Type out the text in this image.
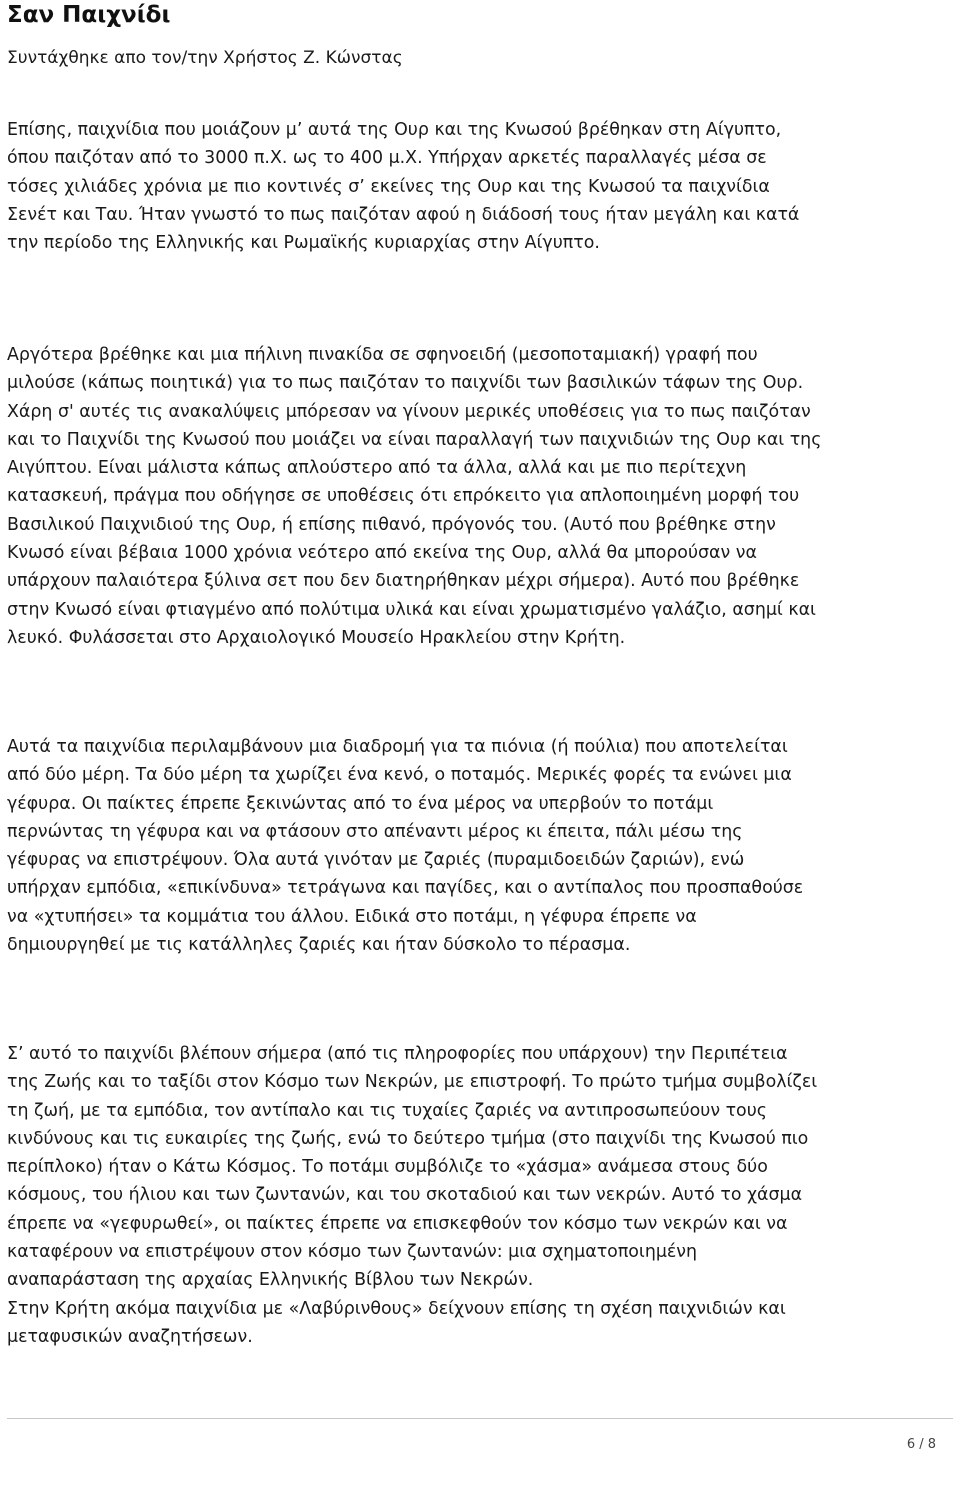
Σαν Παιχνίδι
Συντάχθηκε απο τον/την Χρήστος Ζ. Κώνστας

Επίσης, παιχνίδια που μοιάζουν μ’ αυτά της Ουρ και της Κνωσού βρέθηκαν στη Αίγυπτο,
όπου παιζόταν από το 3000 π.Χ. ως το 400 μ.Χ. Υπήρχαν αρκετές παραλλαγές μέσα σε
τόσες χιλιάδες χρόνια με πιο κοντινές σ’ εκείνες της Ουρ και της Κνωσού τα παιχνίδια
Σενέτ και Ταυ. Ήταν γνωστό το πως παιζόταν αφού η διάδοσή τους ήταν μεγάλη και κατά
την περίοδο της Ελληνικής και Ρωμαϊκής κυριαρχίας στην Αίγυπτο.

Αργότερα βρέθηκε και μια πήλινη πινακίδα σε σφηνοειδή (μεσοποταμιακή) γραφή που
μιλούσε (κάπως ποιητικά) για το πως παιζόταν το παιχνίδι των βασιλικών τάφων της Ουρ.
Χάρη σ' αυτές τις ανακαλύψεις μπόρεσαν να γίνουν μερικές υποθέσεις για το πως παιζόταν
και το Παιχνίδι της Κνωσού που μοιάζει να είναι παραλλαγή των παιχνιδιών της Ουρ και της
Αιγύπτου. Είναι μάλιστα κάπως απλούστερο από τα άλλα, αλλά και με πιο περίτεχνη
κατασκευή, πράγμα που οδήγησε σε υποθέσεις ότι επρόκειτο για απλοποιημένη μορφή του
Βασιλικού Παιχνιδιού της Ουρ, ή επίσης πιθανό, πρόγονός του. (Αυτό που βρέθηκε στην
Κνωσό είναι βέβαια 1000 χρόνια νεότερο από εκείνα της Ουρ, αλλά θα μπορούσαν να
υπάρχουν παλαιότερα ξύλινα σετ που δεν διατηρήθηκαν μέχρι σήμερα). Αυτό που βρέθηκε
στην Κνωσό είναι φτιαγμένο από πολύτιμα υλικά και είναι χρωματισμένο γαλάζιο, ασημί και
λευκό. Φυλάσσεται στο Αρχαιολογικό Μουσείο Ηρακλείου στην Κρήτη.

Αυτά τα παιχνίδια περιλαμβάνουν μια διαδρομή για τα πιόνια (ή πούλια) που αποτελείται
από δύο μέρη. Τα δύο μέρη τα χωρίζει ένα κενό, ο ποταμός. Μερικές φορές τα ενώνει μια
γέφυρα. Οι παίκτες έπρεπε ξεκινώντας από το ένα μέρος να υπερβούν το ποτάμι
περνώντας τη γέφυρα και να φτάσουν στο απέναντι μέρος κι έπειτα, πάλι μέσω της
γέφυρας να επιστρέψουν. Όλα αυτά γινόταν με ζαριές (πυραμιδοειδών ζαριών), ενώ
υπήρχαν εμπόδια, «επικίνδυνα» τετράγωνα και παγίδες, και ο αντίπαλος που προσπαθούσε
να «χτυπήσει» τα κομμάτια του άλλου. Ειδικά στο ποτάμι, η γέφυρα έπρεπε να
δημιουργηθεί με τις κατάλληλες ζαριές και ήταν δύσκολο το πέρασμα.

Σ’ αυτό το παιχνίδι βλέπουν σήμερα (από τις πληροφορίες που υπάρχουν) την Περιπέτεια
της Ζωής και το ταξίδι στον Κόσμο των Νεκρών, με επιστροφή. Το πρώτο τμήμα συμβολίζει
τη ζωή, με τα εμπόδια, τον αντίπαλο και τις τυχαίες ζαριές να αντιπροσωπεύουν τους
κινδύνους και τις ευκαιρίες της ζωής, ενώ το δεύτερο τμήμα (στο παιχνίδι της Κνωσού πιο
περίπλοκο) ήταν ο Κάτω Κόσμος. Το ποτάμι συμβόλιζε το «χάσμα» ανάμεσα στους δύο
κόσμους, του ήλιου και των ζωντανών, και του σκοταδιού και των νεκρών. Αυτό το χάσμα
έπρεπε να «γεφυρωθεί», οι παίκτες έπρεπε να επισκεφθούν τον κόσμο των νεκρών και να
καταφέρουν να επιστρέψουν στον κόσμο των ζωντανών: μια σχηματοποιημένη
αναπαράσταση της αρχαίας Ελληνικής Βίβλου των Νεκρών.
Στην Κρήτη ακόμα παιχνίδια με «Λαβύρινθους» δείχνουν επίσης τη σχέση παιχνιδιών και
μεταφυσικών αναζητήσεων.

6 / 8
